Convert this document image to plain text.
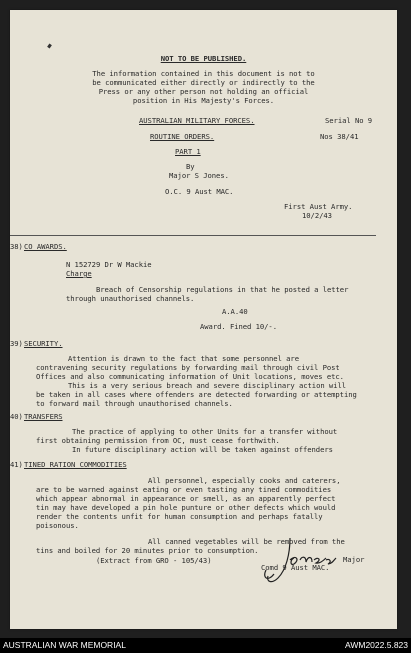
NOT TO BE PUBLISHED.
The information contained in this document is not to
be communicated either directly or indirectly to the
Press or any other person not holding an official
position in His Majesty's Forces.
AUSTRALIAN MILITARY FORCES.	Serial No 9
ROUTINE ORDERS.	Nos 38/41
PART 1
By
Major S Jones.
O.C. 9 Aust MAC.
First Aust Army.
10/2/43
38) CO AWARDS.
N 152729 Dr W Mackie
Charge
Breach of Censorship regulations in that he posted a letter
through unauthorised channels.
A.A.40
Award. Fined 10/-.
39) SECURITY.
Attention is drawn to the fact that some personnel are
contravening security regulations by forwarding mail through civil Post
Offices and also communicating information of Unit locations, moves etc.
This is a very serious breach and severe disciplinary action will
be taken in all cases where offenders are detected forwarding or attempting
to forward mail through unauthorised channels.
40) TRANSFERS
The practice of applying to other Units for a transfer without
first obtaining permission from OC, must cease forthwith.
In future disciplinary action will be taken against offenders
41) TINED RATION COMMODITIES
All personnel, especially cooks and caterers,
are to be warned against eating or even tasting any tined commodities
which appear abnormal in appearance or smell, as an apparently perfect
tin may have developed a pin hole punture or other defects which would
render the contents unfit for human consumption and perhaps fatally
poisonous.
All canned vegetables will be removed from the
tins and boiled for 20 minutes prior to consumption.
(Extract from GRO - 105/43)	Major
Comd 9 Aust MAC.
AUSTRALIAN WAR MEMORIAL	AWM2022.5.823
